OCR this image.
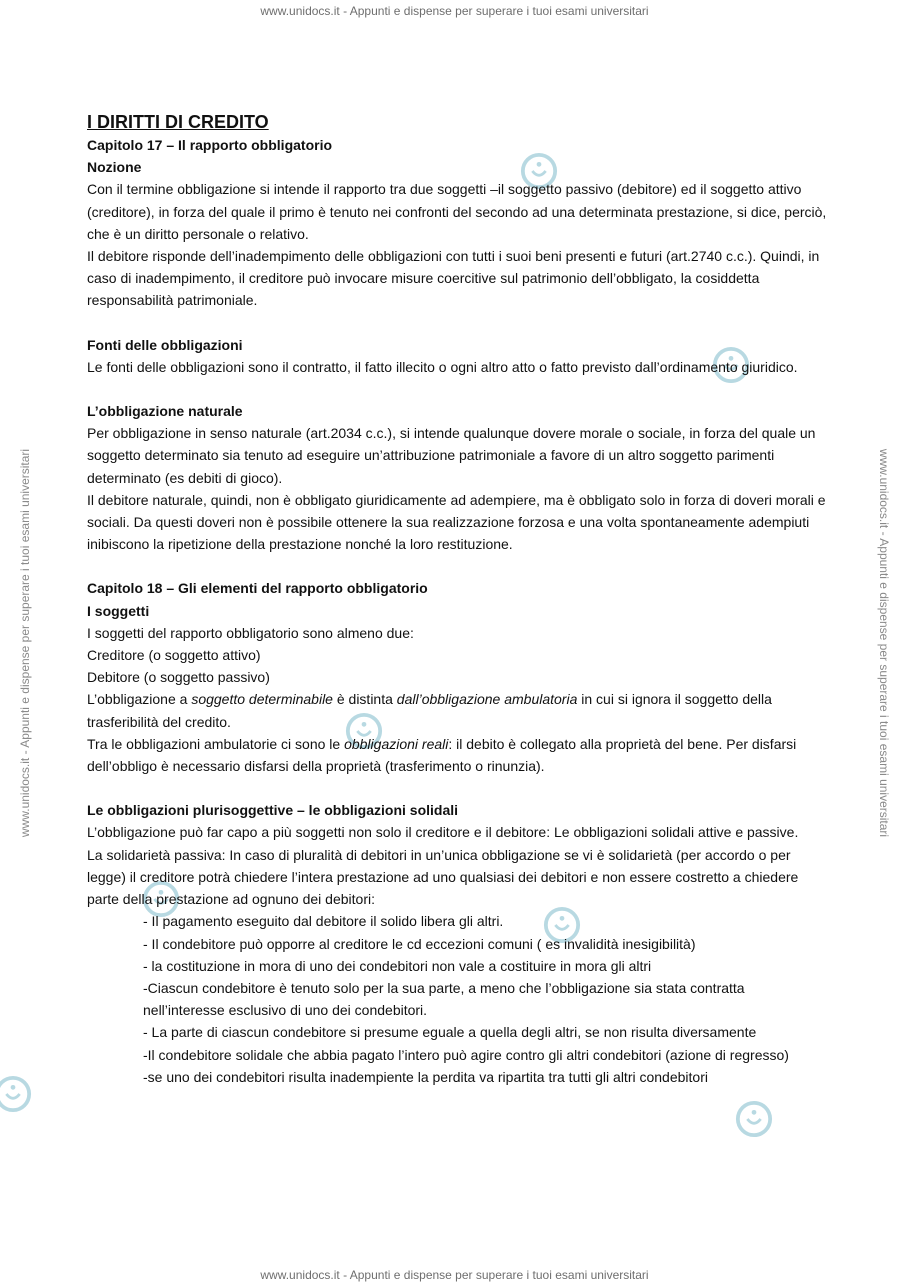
www.unidocs.it - Appunti e dispense per superare i tuoi esami universitari
www.unidocs.it - Appunti e dispense per superare i tuoi esami universitari	www.unidocs.it - Appunti e dispense per superare i tuoi esami universitari

I DIRITTI DI CREDITO

Capitolo 17 – Il rapporto obbligatorio

Nozione

Con il termine obbligazione si intende il rapporto tra due soggetti –il soggetto passivo (debitore) ed il soggetto attivo (creditore), in forza del quale il primo è tenuto nei confronti del secondo ad una determinata prestazione, si dice, perciò, che è un diritto personale o relativo.

Il debitore risponde dell’inadempimento delle obbligazioni con tutti i suoi beni presenti e futuri (art.2740 c.c.). Quindi, in caso di inadempimento, il creditore può invocare misure coercitive sul patrimonio dell’obbligato, la cosiddetta responsabilità patrimoniale.

Fonti delle obbligazioni

Le fonti delle obbligazioni sono il contratto, il fatto illecito o ogni altro atto o fatto previsto dall’ordinamento giuridico.

L’obbligazione naturale

Per obbligazione in senso naturale (art.2034 c.c.), si intende qualunque dovere morale o sociale, in forza del quale un soggetto determinato sia tenuto ad eseguire un’attribuzione patrimoniale a favore di un altro soggetto parimenti determinato (es debiti di gioco).

Il debitore naturale, quindi, non è obbligato giuridicamente ad adempiere, ma è obbligato solo in forza di doveri morali e sociali. Da questi doveri non è possibile ottenere la sua realizzazione forzosa e una volta spontaneamente adempiuti inibiscono la ripetizione della prestazione nonché la loro restituzione.

Capitolo 18 – Gli elementi del rapporto obbligatorio

I soggetti

I soggetti del rapporto obbligatorio sono almeno due:

Creditore (o soggetto attivo)

Debitore (o soggetto passivo)

L’obbligazione a soggetto determinabile è distinta dall’obbligazione ambulatoria in cui si ignora il soggetto della trasferibilità del credito.

Tra le obbligazioni ambulatorie ci sono le obbligazioni reali: il debito è collegato alla proprietà del bene. Per disfarsi dell’obbligo è necessario disfarsi della proprietà (trasferimento o rinunzia).

Le obbligazioni plurisoggettive – le obbligazioni solidali

L’obbligazione può far capo a più soggetti non solo il creditore e il debitore: Le obbligazioni solidali attive e passive.

La solidarietà passiva: In caso di pluralità di debitori in un’unica obbligazione se vi è solidarietà (per accordo o per legge) il creditore potrà chiedere l’intera prestazione ad uno qualsiasi dei debitori e non essere costretto a chiedere parte della prestazione ad ognuno dei debitori:

- Il pagamento eseguito dal debitore il solido libera gli altri.

- Il condebitore può opporre al creditore le cd eccezioni comuni ( es invalidità inesigibilità)

- la costituzione in mora di uno dei condebitori non vale a costituire in mora gli altri

-Ciascun condebitore è tenuto solo per la sua parte, a meno che l’obbligazione sia stata contratta nell’interesse esclusivo di uno dei condebitori.

- La parte di ciascun condebitore si presume eguale a quella degli altri, se non risulta diversamente

-Il condebitore solidale che abbia pagato l’intero può agire contro gli altri condebitori (azione di regresso)

-se uno dei condebitori risulta inadempiente la perdita va ripartita tra tutti gli altri condebitori

www.unidocs.it - Appunti e dispense per superare i tuoi esami universitari
